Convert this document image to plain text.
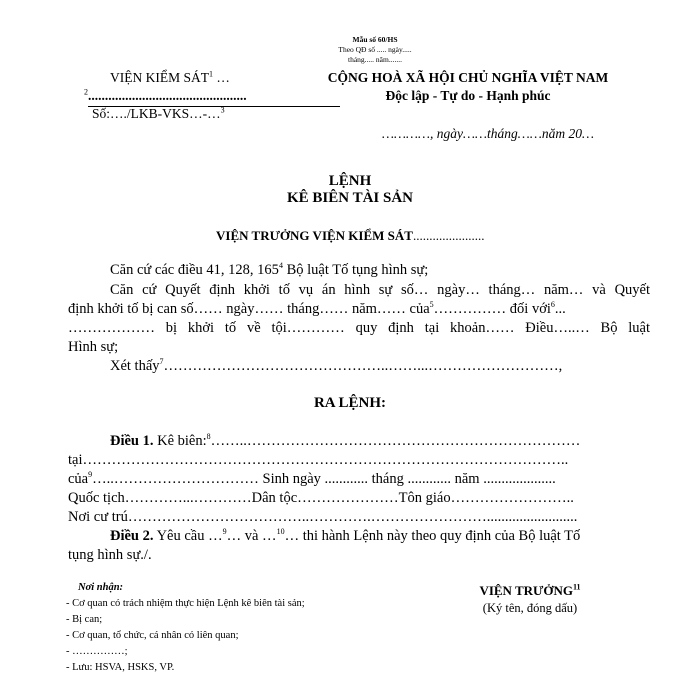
Mẫu số 60/HS
Theo QĐ số ..... ngày.....
tháng..... năm.......
VIỆN KIỂM SÁT$^1$ …
$^2$...............................................
Số:…./LKB-VKS…-…$^3$
CỘNG HOÀ XÃ HỘI CHỦ NGHĨA VIỆT NAM
Độc lập - Tự do - Hạnh phúc
…………, ngày……tháng……năm 20…
LỆNH
KÊ BIÊN TÀI SẢN
VIỆN TRƯỞNG VIỆN KIỂM SÁT......................
Căn cứ các điều 41, 128, $165^4$ Bộ luật Tố tụng hình sự;
Căn cứ Quyết định khởi tố vụ án hình sự số… ngày… tháng… năm… và Quyết
định khởi tố bị can số…… ngày…… tháng…… năm…… của$^5$…………… đối với$^6$...
……………… bị khởi tố về tội………… quy định tại khoản…… Điều…..… Bộ luật
Hình sự;
Xét thấy$^7$………………………………………..……...………………………,
RA LỆNH:
Điều 1. Kê biên:$^8$……..……………………………………………………………
tại………………………………………………………………………………………..
của$^9$…..………………………… Sinh ngày ............ tháng ............ năm ....................
Quốc tịch…………...…………Dân tộc…………………Tôn giáo……………………..
Nơi cư trú………………………………..………….…………………….........................
Điều 2. Yêu cầu …$^9$… và …$^{10}$… thi hành Lệnh này theo quy định của Bộ luật Tố
tụng hình sự./.
Nơi nhận:
- Cơ quan có trách nhiệm thực hiện Lệnh kê biên tài sản;
- Bị can;
- Cơ quan, tổ chức, cá nhân có liên quan;
- ……………;
- Lưu: HSVA, HSKS, VP.
VIỆN TRƯỞNG$^{11}$
(Ký tên, đóng dấu)
